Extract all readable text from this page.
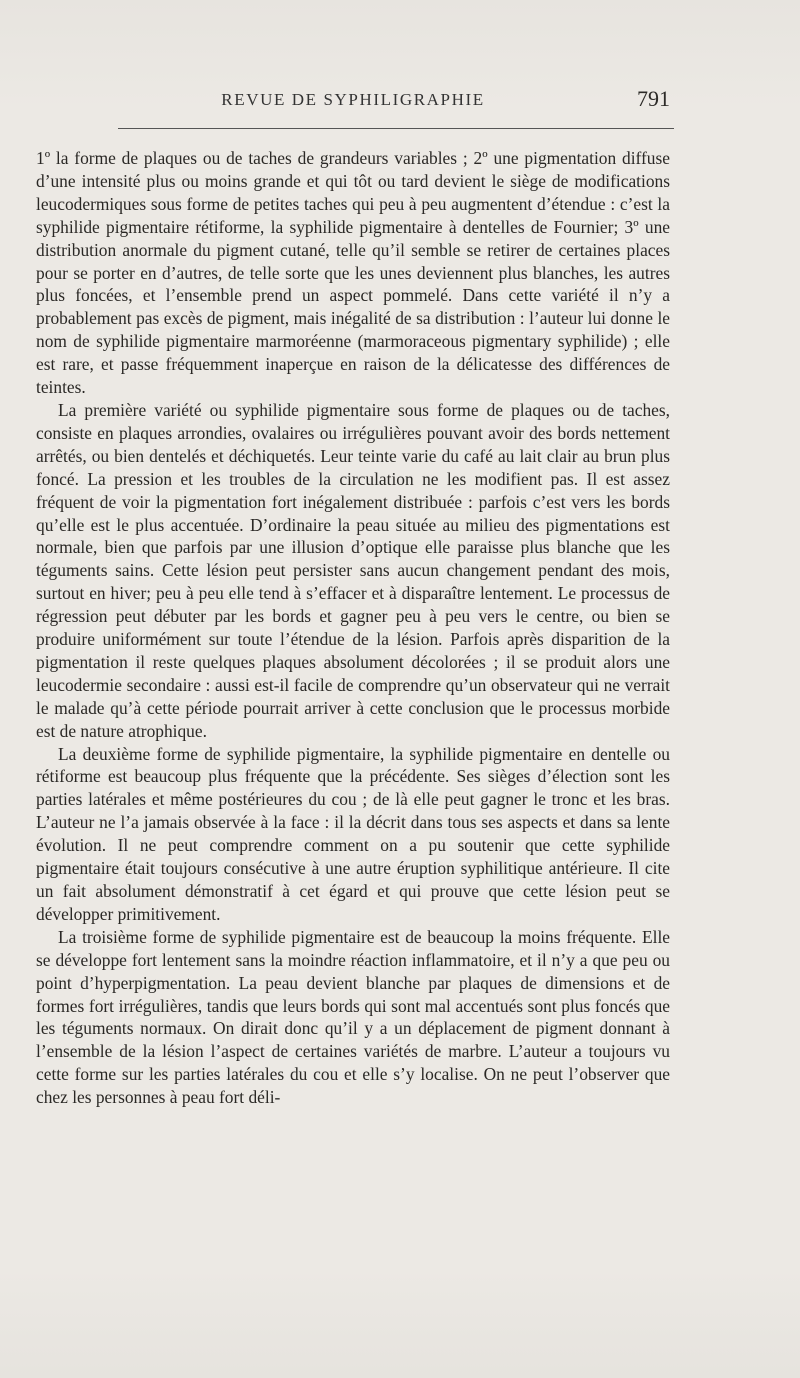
REVUE DE SYPHILIGRAPHIE	791

1º la forme de plaques ou de taches de grandeurs variables ; 2º une pigmentation diffuse d’une intensité plus ou moins grande et qui tôt ou tard devient le siège de modifications leucodermiques sous forme de petites taches qui peu à peu augmentent d’étendue : c’est la syphilide pigmentaire rétiforme, la syphilide pigmentaire à dentelles de Fournier; 3º une distribution anormale du pigment cutané, telle qu’il semble se retirer de certaines places pour se porter en d’autres, de telle sorte que les unes deviennent plus blanches, les autres plus foncées, et l’ensemble prend un aspect pommelé. Dans cette variété il n’y a probablement pas excès de pigment, mais inégalité de sa distribution : l’auteur lui donne le nom de syphilide pigmentaire marmoréenne (marmoraceous pigmentary syphilide) ; elle est rare, et passe fréquemment inaperçue en raison de la délicatesse des différences de teintes.

La première variété ou syphilide pigmentaire sous forme de plaques ou de taches, consiste en plaques arrondies, ovalaires ou irrégulières pouvant avoir des bords nettement arrêtés, ou bien dentelés et déchiquetés. Leur teinte varie du café au lait clair au brun plus foncé. La pression et les troubles de la circulation ne les modifient pas. Il est assez fréquent de voir la pigmentation fort inégalement distribuée : parfois c’est vers les bords qu’elle est le plus accentuée. D’ordinaire la peau située au milieu des pigmentations est normale, bien que parfois par une illusion d’optique elle paraisse plus blanche que les téguments sains. Cette lésion peut persister sans aucun changement pendant des mois, surtout en hiver; peu à peu elle tend à s’effacer et à disparaître lentement. Le processus de régression peut débuter par les bords et gagner peu à peu vers le centre, ou bien se produire uniformément sur toute l’étendue de la lésion. Parfois après disparition de la pigmentation il reste quelques plaques absolument décolorées ; il se produit alors une leucodermie secondaire : aussi est-il facile de comprendre qu’un observateur qui ne verrait le malade qu’à cette période pourrait arriver à cette conclusion que le processus morbide est de nature atrophique.

La deuxième forme de syphilide pigmentaire, la syphilide pigmentaire en dentelle ou rétiforme est beaucoup plus fréquente que la précédente. Ses sièges d’élection sont les parties latérales et même postérieures du cou ; de là elle peut gagner le tronc et les bras. L’auteur ne l’a jamais observée à la face : il la décrit dans tous ses aspects et dans sa lente évolution. Il ne peut comprendre comment on a pu soutenir que cette syphilide pigmentaire était toujours consécutive à une autre éruption syphilitique antérieure. Il cite un fait absolument démonstratif à cet égard et qui prouve que cette lésion peut se développer primitivement.

La troisième forme de syphilide pigmentaire est de beaucoup la moins fréquente. Elle se développe fort lentement sans la moindre réaction inflammatoire, et il n’y a que peu ou point d’hyperpigmentation. La peau devient blanche par plaques de dimensions et de formes fort irrégulières, tandis que leurs bords qui sont mal accentués sont plus foncés que les téguments normaux. On dirait donc qu’il y a un déplacement de pigment donnant à l’ensemble de la lésion l’aspect de certaines variétés de marbre. L’auteur a toujours vu cette forme sur les parties latérales du cou et elle s’y localise. On ne peut l’observer que chez les personnes à peau fort déli-
